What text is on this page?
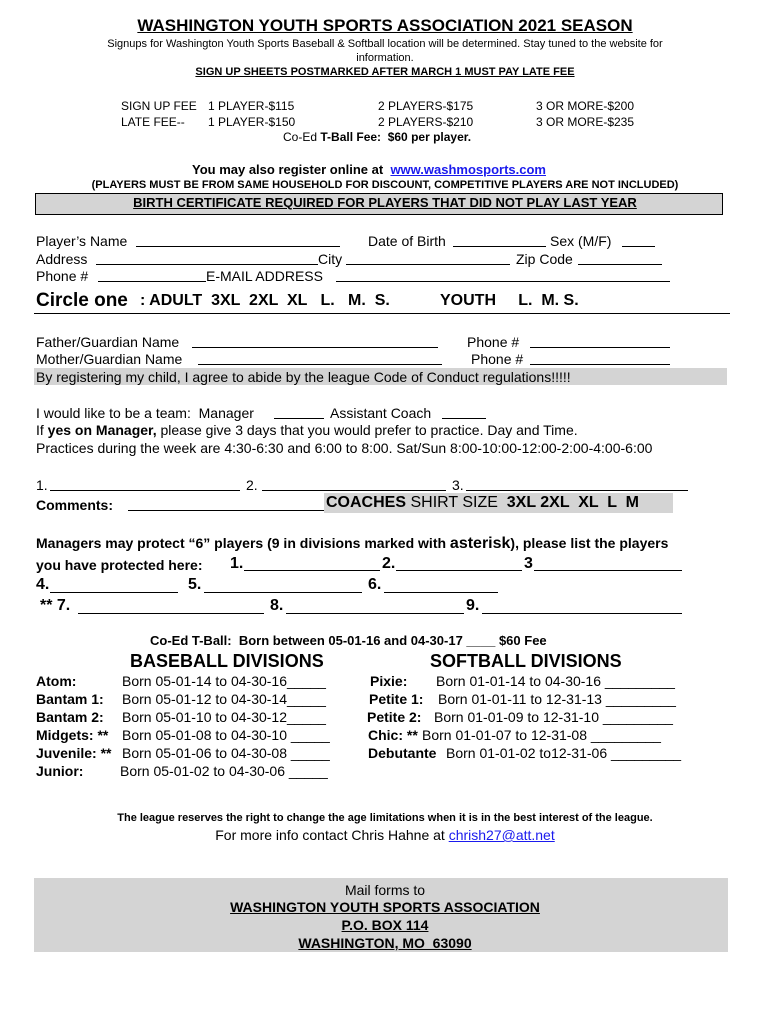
WASHINGTON YOUTH SPORTS ASSOCIATION 2021 SEASON
Signups for Washington Youth Sports Baseball & Softball location will be determined. Stay tuned to the website for
information.
SIGN UP SHEETS POSTMARKED AFTER MARCH 1 MUST PAY LATE FEE
SIGN UP FEE 1 PLAYER-$115	2 PLAYERS-$175	3 OR MORE-$200
LATE FEE-- 1 PLAYER-$150	2 PLAYERS-$210	3 OR MORE-$235
Co-Ed T-Ball Fee:  $60 per player.
You may also register online at  www.washmosports.com
(PLAYERS MUST BE FROM SAME HOUSEHOLD FOR DISCOUNT, COMPETITIVE PLAYERS ARE NOT INCLUDED)
BIRTH CERTIFICATE REQUIRED FOR PLAYERS THAT DID NOT PLAY LAST YEAR
Player’s Name	Date of Birth	Sex (M/F)
Address	City	Zip Code
Phone #	E-MAIL ADDRESS
Circle one : ADULT  3XL  2XL  XL   L.   M.  S.	YOUTH     L.  M. S.
Father/Guardian Name	Phone #
Mother/Guardian Name	Phone #
By registering my child, I agree to abide by the league Code of Conduct regulations!!!!!
I would like to be a team:  Manager	Assistant Coach
If yes on Manager, please give 3 days that you would prefer to practice. Day and Time.
Practices during the week are 4:30-6:30 and 6:00 to 8:00. Sat/Sun 8:00-10:00-12:00-2:00-4:00-6:00
1.	2.	3.
Comments:	COACHES SHIRT SIZE  3XL 2XL  XL  L  M
Managers may protect “6” players (9 in divisions marked with asterisk), please list the players
you have protected here: 1.	2.	3
4.	5.	6.
** 7.	8.	9.
Co-Ed T-Ball:  Born between 05-01-16 and 04-30-17 ____ $60 Fee
BASEBALL DIVISIONS	SOFTBALL DIVISIONS
Atom:	Born 05-01-14 to 04-30-16_____
Bantam 1: Born 05-01-12 to 04-30-14_____
Bantam 2: Born 05-01-10 to 04-30-12_____
Midgets: ** Born 05-01-08 to 04-30-10 _____
Juvenile: ** Born 05-01-06 to 04-30-08 _____
Junior:	Born 05-01-02 to 04-30-06 _____
Pixie: Born 01-01-14 to 04-30-16 _________
Petite 1: Born 01-01-11 to 12-31-13 _________
Petite 2: Born 01-01-09 to 12-31-10 _________
Chic: ** Born 01-01-07 to 12-31-08 _________
Debutante Born 01-01-02 to12-31-06 _________
The league reserves the right to change the age limitations when it is in the best interest of the league.
For more info contact Chris Hahne at chrish27@att.net
Mail forms to
WASHINGTON YOUTH SPORTS ASSOCIATION
P.O. BOX 114
WASHINGTON, MO  63090
